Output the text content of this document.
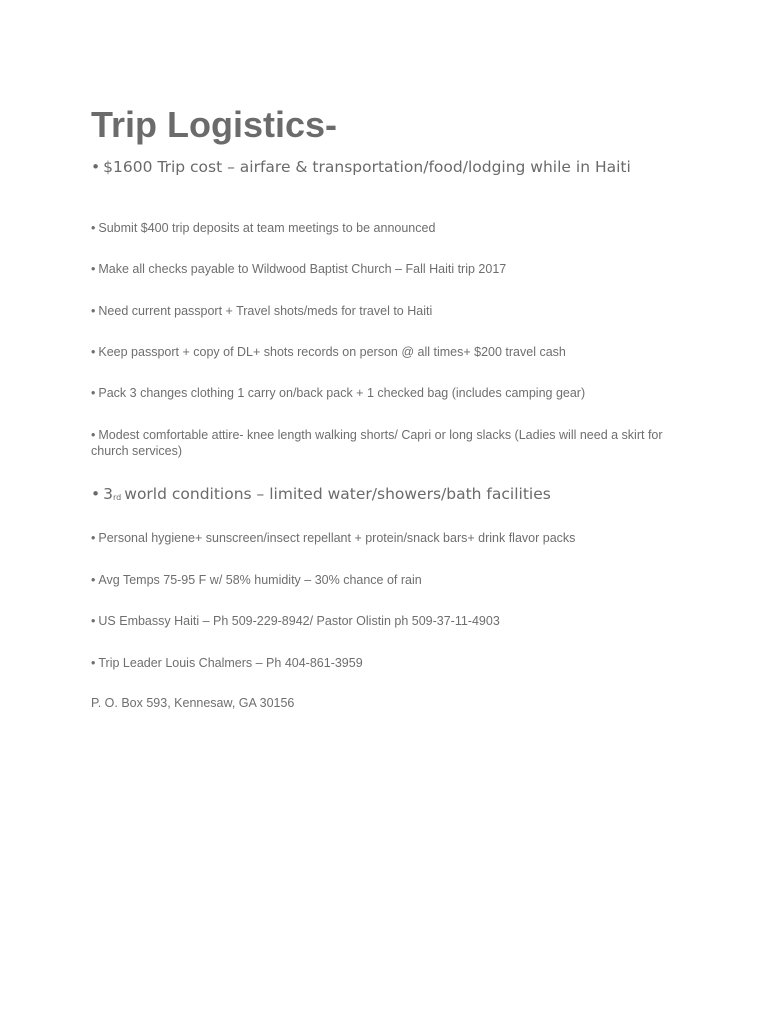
Trip Logistics-
• $1600 Trip cost – airfare & transportation/food/lodging while in Haiti
• Submit $400 trip deposits at team meetings to be announced
• Make all checks payable to Wildwood Baptist Church – Fall Haiti trip 2017
• Need current passport + Travel shots/meds for travel to Haiti
• Keep passport + copy of DL+ shots records on person @ all times+ $200 travel cash
• Pack 3 changes clothing 1 carry on/back pack + 1 checked bag (includes camping gear)
• Modest comfortable attire- knee length walking shorts/ Capri or long slacks (Ladies will need a skirt for church services)
• 3rd world conditions – limited water/showers/bath facilities
• Personal hygiene+ sunscreen/insect repellant + protein/snack bars+ drink flavor packs
• Avg Temps 75-95 F w/ 58% humidity – 30% chance of rain
• US Embassy Haiti – Ph 509-229-8942/ Pastor Olistin ph 509-37-11-4903
• Trip Leader Louis Chalmers – Ph 404-861-3959
P. O. Box 593, Kennesaw, GA 30156
